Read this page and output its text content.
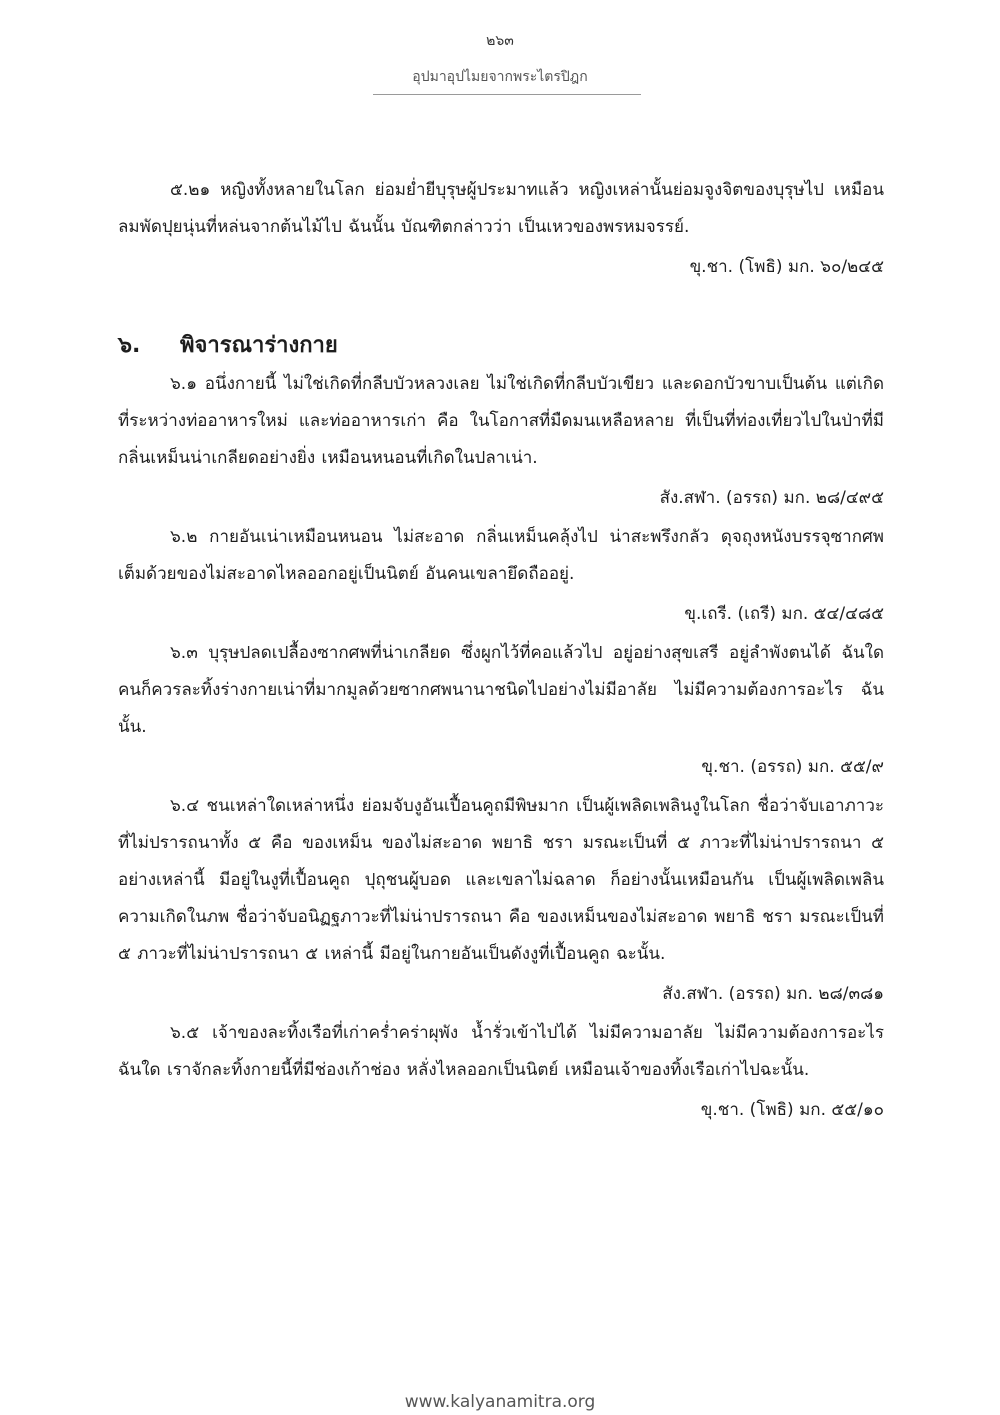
๒๖๓
อุปมาอุปไมยจากพระไตรปิฎก

๕.๒๑ หญิงทั้งหลายในโลก ย่อมย่ำยีบุรุษผู้ประมาทแล้ว หญิงเหล่านั้นย่อมจูงจิตของบุรุษไป เหมือนลมพัดปุยนุ่นที่หล่นจากต้นไม้ไป ฉันนั้น บัณฑิตกล่าวว่า เป็นเหวของพรหมจรรย์.

ขุ.ชา. (โพธิ) มก. ๖๐/๒๔๕

๖.	พิจารณาร่างกาย

๖.๑ อนึ่งกายนี้ ไม่ใช่เกิดที่กลีบบัวหลวงเลย ไม่ใช่เกิดที่กลีบบัวเขียว และดอกบัวขาบเป็นต้น แต่เกิดที่ระหว่างท่ออาหารใหม่ และท่ออาหารเก่า คือ ในโอกาสที่มืดมนเหลือหลาย ที่เป็นที่ท่องเที่ยวไปในป่าที่มีกลิ่นเหม็นน่าเกลียดอย่างยิ่ง เหมือนหนอนที่เกิดในปลาเน่า.

สัง.สฬา. (อรรถ) มก. ๒๘/๔๙๕

๖.๒ กายอันเน่าเหมือนหนอน ไม่สะอาด กลิ่นเหม็นคลุ้งไป น่าสะพรึงกลัว ดุจถุงหนังบรรจุซากศพ เต็มด้วยของไม่สะอาดไหลออกอยู่เป็นนิตย์ อันคนเขลายึดถืออยู่.

ขุ.เถรี. (เถรี) มก. ๕๔/๔๘๕

๖.๓ บุรุษปลดเปลื้องซากศพที่น่าเกลียด ซึ่งผูกไว้ที่คอแล้วไป อยู่อย่างสุขเสรี อยู่ลำพังตนได้ ฉันใด คนก็ควรละทิ้งร่างกายเน่าที่มากมูลด้วยซากศพนานาชนิดไปอย่างไม่มีอาลัย ไม่มีความต้องการอะไร ฉันนั้น.

ขุ.ชา. (อรรถ) มก. ๕๕/๙

๖.๔ ชนเหล่าใดเหล่าหนึ่ง ย่อมจับงูอันเปื้อนคูถมีพิษมาก เป็นผู้เพลิดเพลินงูในโลก ชื่อว่าจับเอาภาวะที่ไม่ปรารถนาทั้ง ๕ คือ ของเหม็น ของไม่สะอาด พยาธิ ชรา มรณะเป็นที่ ๕ ภาวะที่ไม่น่าปรารถนา ๕ อย่างเหล่านี้ มีอยู่ในงูที่เปื้อนคูถ ปุถุชนผู้บอด และเขลาไม่ฉลาด ก็อย่างนั้นเหมือนกัน เป็นผู้เพลิดเพลินความเกิดในภพ ชื่อว่าจับอนิฏฐภาวะที่ไม่น่าปรารถนา คือ ของเหม็นของไม่สะอาด พยาธิ ชรา มรณะเป็นที่ ๕ ภาวะที่ไม่น่าปรารถนา ๕ เหล่านี้ มีอยู่ในกายอันเป็นดังงูที่เปื้อนคูถ ฉะนั้น.

สัง.สฬา. (อรรถ) มก. ๒๘/๓๘๑

๖.๕ เจ้าของละทิ้งเรือที่เก่าคร่ำคร่าผุพัง น้ำรั่วเข้าไปได้ ไม่มีความอาลัย ไม่มีความต้องการอะไร ฉันใด เราจักละทิ้งกายนี้ที่มีช่องเก้าช่อง หลั่งไหลออกเป็นนิตย์ เหมือนเจ้าของทิ้งเรือเก่าไปฉะนั้น.

ขุ.ชา. (โพธิ) มก. ๕๕/๑๐

www.kalyanamitra.org
